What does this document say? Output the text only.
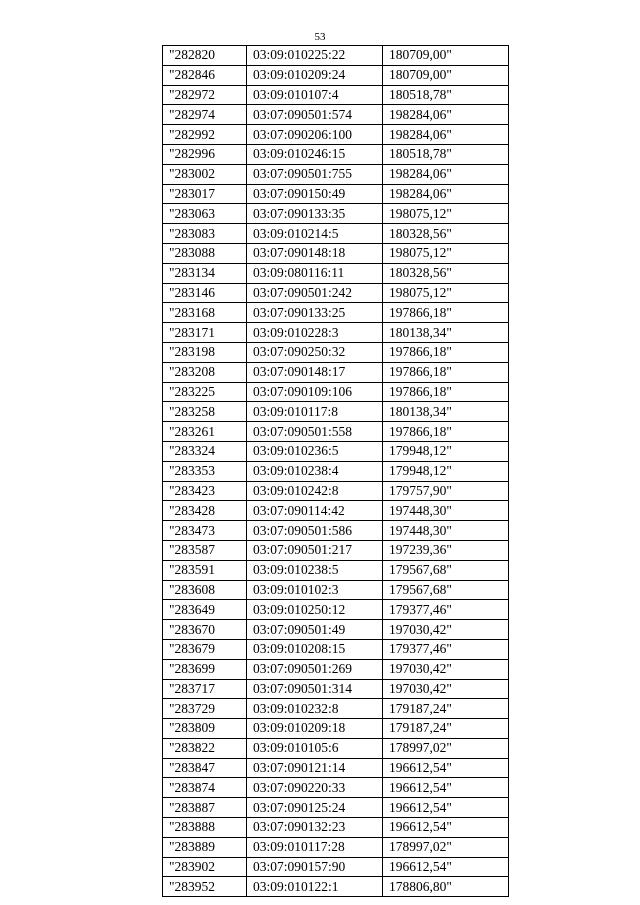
53
"282820	03:09:010225:22	180709,00"
"282846	03:09:010209:24	180709,00"
"282972	03:09:010107:4	180518,78"
"282974	03:07:090501:574	198284,06"
"282992	03:07:090206:100	198284,06"
"282996	03:09:010246:15	180518,78"
"283002	03:07:090501:755	198284,06"
"283017	03:07:090150:49	198284,06"
"283063	03:07:090133:35	198075,12"
"283083	03:09:010214:5	180328,56"
"283088	03:07:090148:18	198075,12"
"283134	03:09:080116:11	180328,56"
"283146	03:07:090501:242	198075,12"
"283168	03:07:090133:25	197866,18"
"283171	03:09:010228:3	180138,34"
"283198	03:07:090250:32	197866,18"
"283208	03:07:090148:17	197866,18"
"283225	03:07:090109:106	197866,18"
"283258	03:09:010117:8	180138,34"
"283261	03:07:090501:558	197866,18"
"283324	03:09:010236:5	179948,12"
"283353	03:09:010238:4	179948,12"
"283423	03:09:010242:8	179757,90"
"283428	03:07:090114:42	197448,30"
"283473	03:07:090501:586	197448,30"
"283587	03:07:090501:217	197239,36"
"283591	03:09:010238:5	179567,68"
"283608	03:09:010102:3	179567,68"
"283649	03:09:010250:12	179377,46"
"283670	03:07:090501:49	197030,42"
"283679	03:09:010208:15	179377,46"
"283699	03:07:090501:269	197030,42"
"283717	03:07:090501:314	197030,42"
"283729	03:09:010232:8	179187,24"
"283809	03:09:010209:18	179187,24"
"283822	03:09:010105:6	178997,02"
"283847	03:07:090121:14	196612,54"
"283874	03:07:090220:33	196612,54"
"283887	03:07:090125:24	196612,54"
"283888	03:07:090132:23	196612,54"
"283889	03:09:010117:28	178997,02"
"283902	03:07:090157:90	196612,54"
"283952	03:09:010122:1	178806,80"
